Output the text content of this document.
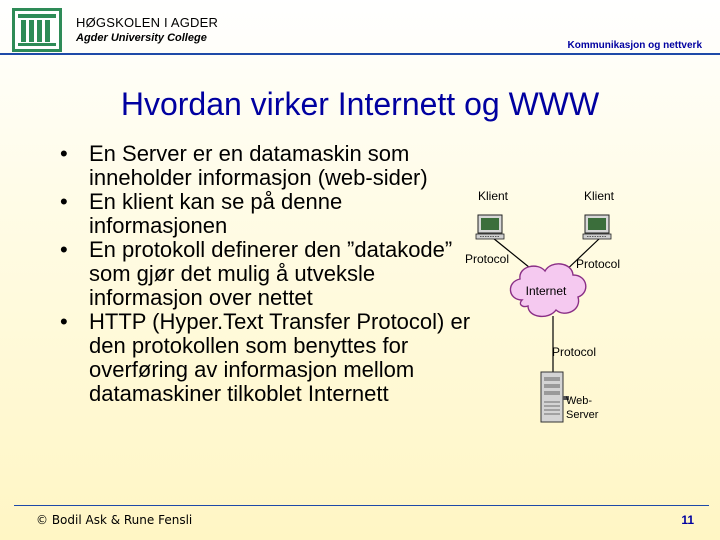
HØGSKOLEN I AGDER
Agder University College
Kommunikasjon og nettverk
Hvordan virker Internett og WWW
• En Server er en datamaskin som inneholder informasjon (web-sider)
• En klient kan se på denne informasjonen
• En protokoll definerer den ”datakode” som gjør det mulig å utveksle informasjon over nettet
• HTTP (Hyper.Text Transfer Protocol) er den protokollen som benyttes for overføring av informasjon mellom datamaskiner tilkoblet Internett
Klient	Klient
Protocol	Protocol
Internet
Protocol
Web-
Server
© Bodil Ask & Rune Fensli	11
